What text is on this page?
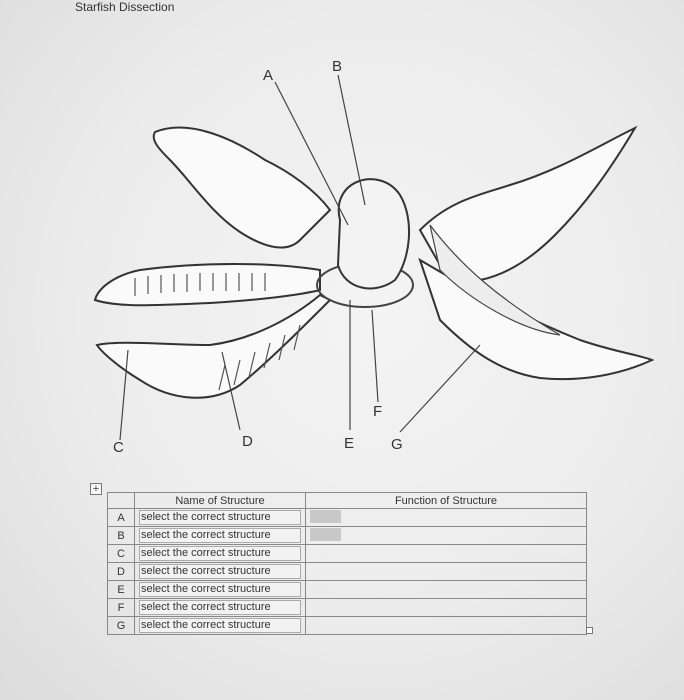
Starfish Dissection
A
B
C	D	E
F
G
+
	Name of Structure	Function of Structure
A	select the correct structure	

B	select the correct structure	

C	select the correct structure	

D	select the correct structure	

E	select the correct structure	

F	select the correct structure	

G	select the correct structure	
